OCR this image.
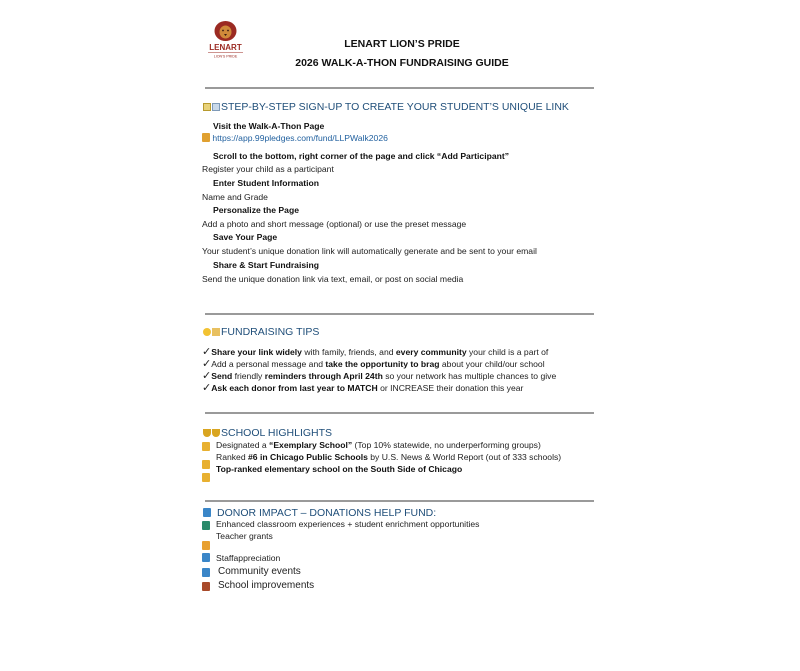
LENART
LION'S PRIDE
LENART LION’S PRIDE
2026 WALK-A-THON FUNDRAISING GUIDE
STEP-BY-STEP SIGN-UP TO CREATE YOUR STUDENT’S UNIQUE LINK
Visit the Walk-A-Thon Page
https://app.99pledges.com/fund/LLPWalk2026
Scroll to the bottom, right corner of the page and click “Add Participant”
Register your child as a participant
Enter Student Information
Name and Grade
Personalize the Page
Add a photo and short message (optional) or use the preset message
Save Your Page
Your student’s unique donation link will automatically generate and be sent to your email
Share & Start Fundraising
Send the unique donation link via text, email, or post on social media
FUNDRAISING TIPS
✓Share your link widely with family, friends, and every community your child is a part of
✓Add a personal message and take the opportunity to brag about your child/our school
✓Send friendly reminders through April 24th so your network has multiple chances to give
✓Ask each donor from last year to MATCH or INCREASE their donation this year
SCHOOL HIGHLIGHTS
Designated a “Exemplary School” (Top 10% statewide, no underperforming groups)
Ranked #6 in Chicago Public Schools by U.S. News & World Report (out of 333 schools)
Top-ranked elementary school on the South Side of Chicago
DONOR IMPACT – DONATIONS HELP FUND:
Enhanced classroom experiences + student enrichment opportunities
Teacher grants
Staffappreciation
Community events
School improvements
